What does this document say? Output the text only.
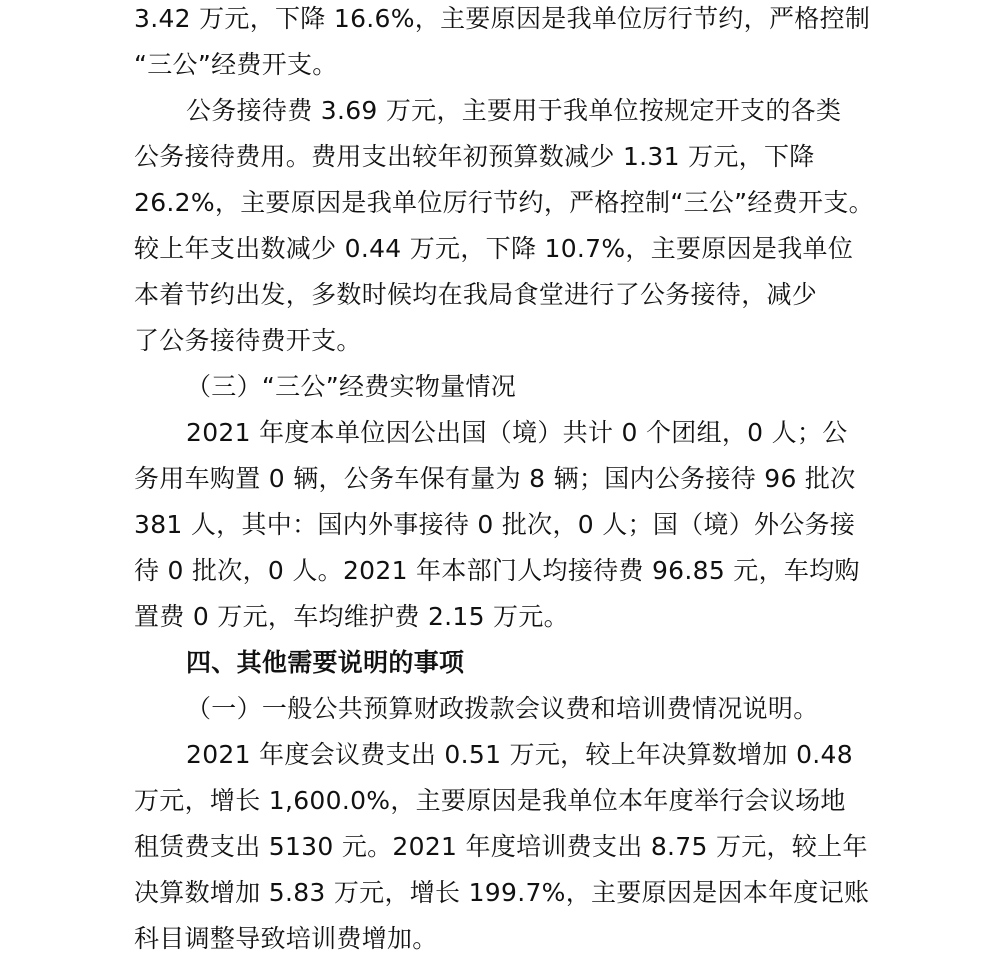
3.42 万元，下降 16.6%，主要原因是我单位厉行节约，严格控制
“三公”经费开支。
公务接待费 3.69 万元，主要用于我单位按规定开支的各类
公务接待费用。费用支出较年初预算数减少 1.31 万元，下降
26.2%，主要原因是我单位厉行节约，严格控制“三公”经费开支。
较上年支出数减少 0.44 万元，下降 10.7%，主要原因是我单位
本着节约出发，多数时候均在我局食堂进行了公务接待，减少
了公务接待费开支。
（三）“三公”经费实物量情况
2021 年度本单位因公出国（境）共计 0 个团组，0 人；公
务用车购置 0 辆，公务车保有量为 8 辆；国内公务接待 96 批次
381 人，其中：国内外事接待 0 批次，0 人；国（境）外公务接
待 0 批次，0 人。2021 年本部门人均接待费 96.85 元，车均购
置费 0 万元，车均维护费 2.15 万元。
四、其他需要说明的事项
（一）一般公共预算财政拨款会议费和培训费情况说明。
2021 年度会议费支出 0.51 万元，较上年决算数增加 0.48
万元，增长 1,600.0%，主要原因是我单位本年度举行会议场地
租赁费支出 5130 元。2021 年度培训费支出 8.75 万元，较上年
决算数增加 5.83 万元，增长 199.7%，主要原因是因本年度记账
科目调整导致培训费增加。
